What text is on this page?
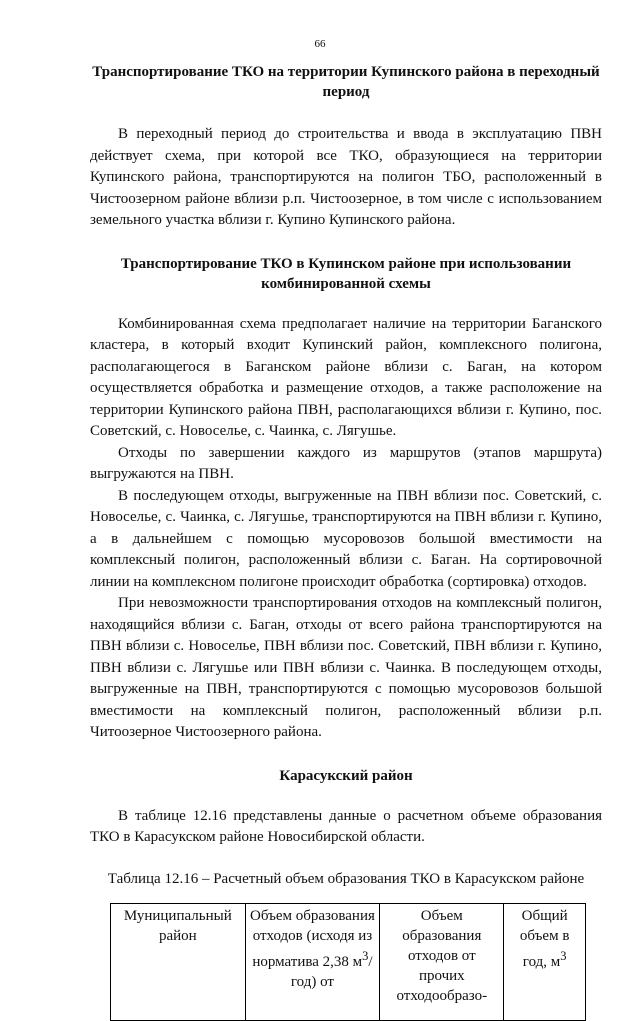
66
Транспортирование ТКО на территории Купинского района в переходный период

В переходный период до строительства и ввода в эксплуатацию ПВН действует схема, при которой все ТКО, образующиеся на территории Купинского района, транспортируются на полигон ТБО, расположенный в Чистоозерном районе вблизи р.п. Чистоозерное, в том числе с использованием земельного участка вблизи г. Купино Купинского района.

Транспортирование ТКО в Купинском районе при использовании комбинированной схемы

Комбинированная схема предполагает наличие на территории Баганского кластера, в который входит Купинский район, комплексного полигона, располагающегося в Баганском районе вблизи с. Баган, на котором осуществляется обработка и размещение отходов, а также расположение на территории Купинского района ПВН, располагающихся вблизи г. Купино, пос. Советский, с. Новоселье, с. Чаинка, с. Лягушье.

Отходы по завершении каждого из маршрутов (этапов маршрута) выгружаются на ПВН.

В последующем отходы, выгруженные на ПВН вблизи пос. Советский, с. Новоселье, с. Чаинка, с. Лягушье, транспортируются на ПВН вблизи г. Купино, а в дальнейшем с помощью мусоровозов большой вместимости на комплексный полигон, расположенный вблизи с. Баган. На сортировочной линии на комплексном полигоне происходит обработка (сортировка) отходов.

При невозможности транспортирования отходов на комплексный полигон, находящийся вблизи с. Баган, отходы от всего района транспортируются на ПВН вблизи с. Новоселье, ПВН вблизи пос. Советский, ПВН вблизи г. Купино, ПВН вблизи с. Лягушье или ПВН вблизи с. Чаинка. В последующем отходы, выгруженные на ПВН, транспортируются с помощью мусоровозов большой вместимости на комплексный полигон, расположенный вблизи р.п. Читоозерное Чистоозерного района.

Карасукский район

В таблице 12.16 представлены данные о расчетном объеме образования ТКО в Карасукском районе Новосибирской области.

Таблица 12.16 – Расчетный объем образования ТКО в Карасукском районе

Муниципальный район	Объем образования отходов (исходя из норматива 2,38 $м^3/год$) от	Объем образования отходов от прочих отходообразо-	Общий объем в год, $м^3$
